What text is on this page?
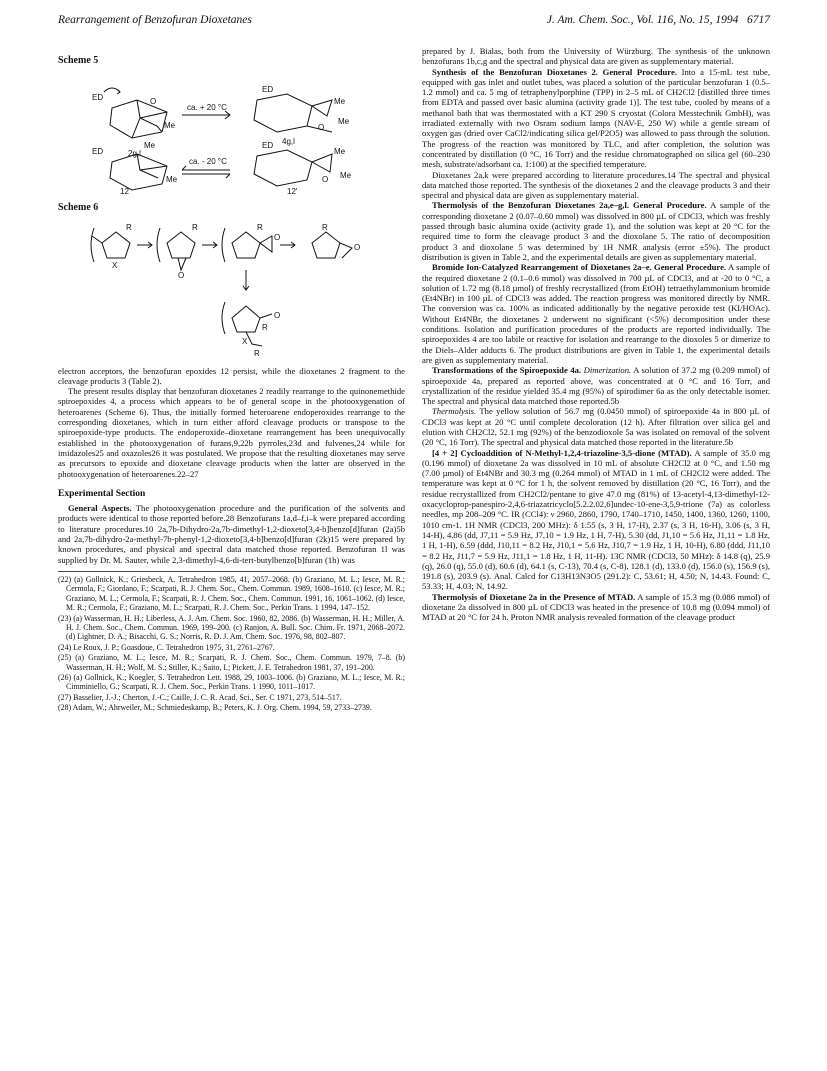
Rearrangement of Benzofuran Dioxetanes	J. Am. Chem. Soc., Vol. 116, No. 15, 1994 6717
Scheme 5
ED	O
Me
Me
2g,l
ca. + 20 °C
ED
Me
O
Me
4g,l
ED
Me
12
ca. - 20 °C
ED
Me
O Me
12'
Scheme 6
R
X
R
O
R
O
R
O
O
R
R
X

electron acceptors, the benzofuran epoxides 12 persist, while the dioxetanes 2 fragment to the cleavage products 3 (Table 2).

The present results display that benzofuran dioxetanes 2 readily rearrange to the quinonemethide spiroepoxides 4, a process which appears to be of general scope in the photooxygenation of heteroarenes (Scheme 6). Thus, the initially formed heteroarene endoperoxides rearrange to the corresponding dioxetanes, which in turn either afford cleavage products or transpose to the spiroepoxide-type products. The endoperoxide–dioxetane rearrangement has been unequivocally established in the photooxygenation of furans,9,22b pyrroles,23d and fulvenes,24 while for imidazoles25 and oxazoles26 it was postulated. We propose that the resulting dioxetanes may serve as precursors to epoxide and dioxetane cleavage products when the latter are observed in the photooxygenation of heteroarenes.22–27

Experimental Section

General Aspects. The photooxygenation procedure and the purification of the solvents and products were identical to those reported before.28 Benzofurans 1a,d–f,i–k were prepared according to literature procedures.10 2a,7b-Dihydro-2a,7b-dimethyl-1,2-dioxeto[3,4-b]benzo[d]furan (2a)5b and 2a,7b-dihydro-2a-methyl-7b-phenyl-1,2-dioxeto[3,4-b]benzo[d]furan (2k)15 were prepared by known procedures, and physical and spectral data matched those reported. Benzofuran 1l was supplied by Dr. M. Sauter, while 2,3-dimethyl-4,6-di-tert-butylbenzo[b]furan (1h) was

(22) (a) Gollnick, K.; Griesbeck, A. Tetrahedron 1985, 41, 2057–2068. (b) Graziano, M. L.; Iesce, M. R.; Cermola, F.; Giordano, F.; Scarpati, R. J. Chem. Soc., Chem. Commun. 1989, 1608–1610. (c) Iesce, M. R.; Graziano, M. L.; Cermola, F.; Scarpati, R. J. Chem. Soc., Chem. Commun. 1991, 16, 1061–1062. (d) Iesce, M. R.; Cermola, F.; Graziano, M. L.; Scarpati, R. J. Chem. Soc., Perkin Trans. 1 1994, 147–152.

(23) (a) Wasserman, H. H.; Liberless, A. J. Am. Chem. Soc. 1960, 82, 2086. (b) Wasserman, H. H.; Miller, A. H. J. Chem. Soc., Chem. Commun. 1969, 199–200. (c) Ranjon, A. Bull. Soc. Chim. Fr. 1971, 2068–2072. (d) Lightner, D. A.; Bisacchi, G. S.; Norris, R. D. J. Am. Chem. Soc. 1976, 98, 802–807.

(24) Le Roux, J. P.; Goasdoue, C. Tetrahedron 1975, 31, 2761–2767.

(25) (a) Graziano, M. L.; Iesce, M. R.; Scarpati, R. J. Chem. Soc., Chem. Commun. 1979, 7–8. (b) Wasserman, H. H.; Wolf, M. S.; Stiller, K.; Saito, I.; Pickett, J. E. Tetrahedron 1981, 37, 191–200.

(26) (a) Gollnick, K.; Koegler, S. Tetrahedron Lett. 1988, 29, 1003–1006. (b) Graziano, M. L.; Iesce, M. R.; Cimminiello, G.; Scarpati, R. J. Chem. Soc., Perkin Trans. 1 1990, 1011–1017.

(27) Basselier, J.-J.; Cherton, J.-C.; Caille, J. C. R. Acad. Sci., Ser. C 1971, 273, 514–517.

(28) Adam, W.; Ahrweiler, M.; Schmiedeskamp, B.; Peters, K. J. Org. Chem. 1994, 59, 2733–2739.

prepared by J. Bialas, both from the University of Würzburg. The synthesis of the unknown benzofurans 1b,c,g and the spectral and physical data are given as supplementary material.

Synthesis of the Benzofuran Dioxetanes 2. General Procedure. Into a 15-mL test tube, equipped with gas inlet and outlet tubes, was placed a solution of the particular benzofuran 1 (0.5–1.2 mmol) and ca. 5 mg of tetraphenylporphine (TPP) in 2–5 mL of CH2Cl2 [distilled three times from EDTA and passed over basic alumina (activity grade 1)]. The test tube, cooled by means of a methanol bath that was thermostated with a KT 290 S cryostat (Colora Messtechnik GmbH), was irradiated externally with two Osram sodium lamps (NAV-E, 250 W) while a gentle stream of oxygen gas (dried over CaCl2/indicating silica gel/P2O5) was allowed to pass through the solution. The progress of the reaction was monitored by TLC, and after completion, the solution was concentrated by distillation (0 °C, 16 Torr) and the residue chromatographed on silica gel (60–230 mesh, substrate/adsorbant ca. 1:100) at the specified temperature.

Dioxetanes 2a,k were prepared according to literature procedures.14 The spectral and physical data matched those reported. The synthesis of the dioxetanes 2 and the cleavage products 3 and their spectral and physical data are given as supplementary material.

Thermolysis of the Benzofuran Dioxetanes 2a,e–g,l. General Procedure. A sample of the corresponding dioxetane 2 (0.07–0.60 mmol) was dissolved in 800 µL of CDCl3, which was freshly passed through basic alumina oxide (activity grade 1), and the solution was kept at 20 °C for the required time to form the cleavage product 3 and the dioxolane 5. The ratio of decomposition product 3 and dioxolane 5 was determined by 1H NMR analysis (error ±5%). The product distribution is given in Table 2, and the experimental details are given as supplementary material.

Bromide Ion-Catalyzed Rearrangement of Dioxetanes 2a–e. General Procedure. A sample of the required dioxetane 2 (0.1–0.6 mmol) was dissolved in 700 µL of CDCl3, and at -20 to 0 °C, a solution of 1.72 mg (8.18 µmol) of freshly recrystallized (from EtOH) tetraethylammonium bromide (Et4NBr) in 100 µL of CDCl3 was added. The reaction progress was monitored directly by NMR. The conversion was ca. 100% as indicated additionally by the negative peroxide test (KI/HOAc). Without Et4NBr, the dioxetanes 2 underwent no significant (<5%) decomposition under these conditions. Isolation and purification procedures of the products are reported individually. The spiroepoxides 4 are too labile or reactive for isolation and rearrange to the dioxoles 5 or dimerize to the Diels–Alder adducts 6. The product distributions are given in Table 1, the experimental details are given as supplementary material.

Transformations of the Spiroepoxide 4a. Dimerization. A solution of 37.2 mg (0.209 mmol) of spiroepoxide 4a, prepared as reported above, was concentrated at 0 °C and 16 Torr, and crystallization of the residue yielded 35.4 mg (95%) of spirodimer 6a as the only detectable isomer. The spectral and physical data matched those reported.5b

Thermolysis. The yellow solution of 56.7 mg (0.0450 mmol) of spiroepoxide 4a in 800 µL of CDCl3 was kept at 20 °C until complete decoloration (12 h). After filtration over silica gel and elution with CH2Cl2, 52.1 mg (92%) of the benzodioxole 5a was isolated on removal of the solvent (20 °C, 16 Torr). The spectral and physical data matched those reported in the literature.5b

[4 + 2] Cycloaddition of N-Methyl-1,2,4-triazoline-3,5-dione (MTAD). A sample of 35.0 mg (0.196 mmol) of dioxetane 2a was dissolved in 10 mL of absolute CH2Cl2 at 0 °C, and 1.50 mg (7.00 µmol) of Et4NBr and 30.3 mg (0.264 mmol) of MTAD in 1 mL of CH2Cl2 were added. The temperature was kept at 0 °C for 1 h, the solvent removed by distillation (20 °C, 16 Torr), and the residue recrystallized from CH2Cl2/pentane to give 47.0 mg (81%) of 13-acetyl-4,13-dimethyl-12-oxacycloprop-panespiro-2,4,6-triazatricyclo[5.2.2.02,6]undec-10-ene-3,5,9-trione (7a) as colorless needles, mp 208–209 °C. IR (CCl4): ν 2960, 2860, 1790, 1740–1710, 1450, 1400, 1360, 1260, 1100, 1010 cm-1. 1H NMR (CDCl3, 200 MHz): δ 1.55 (s, 3 H, 17-H), 2.37 (s, 3 H, 16-H), 3.06 (s, 3 H, 14-H), 4.86 (dd, J7,11 = 5.9 Hz, J7,10 = 1.9 Hz, 1 H, 7-H), 5.30 (dd, J1,10 = 5.6 Hz, J1,11 = 1.8 Hz, 1 H, 1-H), 6.59 (ddd, J10,11 = 8.2 Hz, J10,1 = 5.6 Hz, J10,7 = 1.9 Hz, 1 H, 10-H), 6.80 (ddd, J11,10 = 8.2 Hz, J11,7 = 5.9 Hz, J11,1 = 1.8 Hz, 1 H, 11-H). 13C NMR (CDCl3, 50 MHz): δ 14.8 (q), 25.9 (q), 26.0 (q), 55.0 (d), 60.6 (d), 64.1 (s, C-13), 70.4 (s, C-8), 128.1 (d), 133.0 (d), 156.0 (s), 156.9 (s), 191.8 (s), 203.9 (s). Anal. Calcd for C13H13N3O5 (291.2): C, 53.61; H, 4.50; N, 14.43. Found: C, 53.33; H, 4.03; N, 14.92.

Thermolysis of Dioxetane 2a in the Presence of MTAD. A sample of 15.3 mg (0.086 mmol) of dioxetane 2a dissolved in 800 µL of CDCl3 was heated in the presence of 10.8 mg (0.094 mmol) of MTAD at 20 °C for 24 h. Proton NMR analysis revealed formation of the cleavage product
